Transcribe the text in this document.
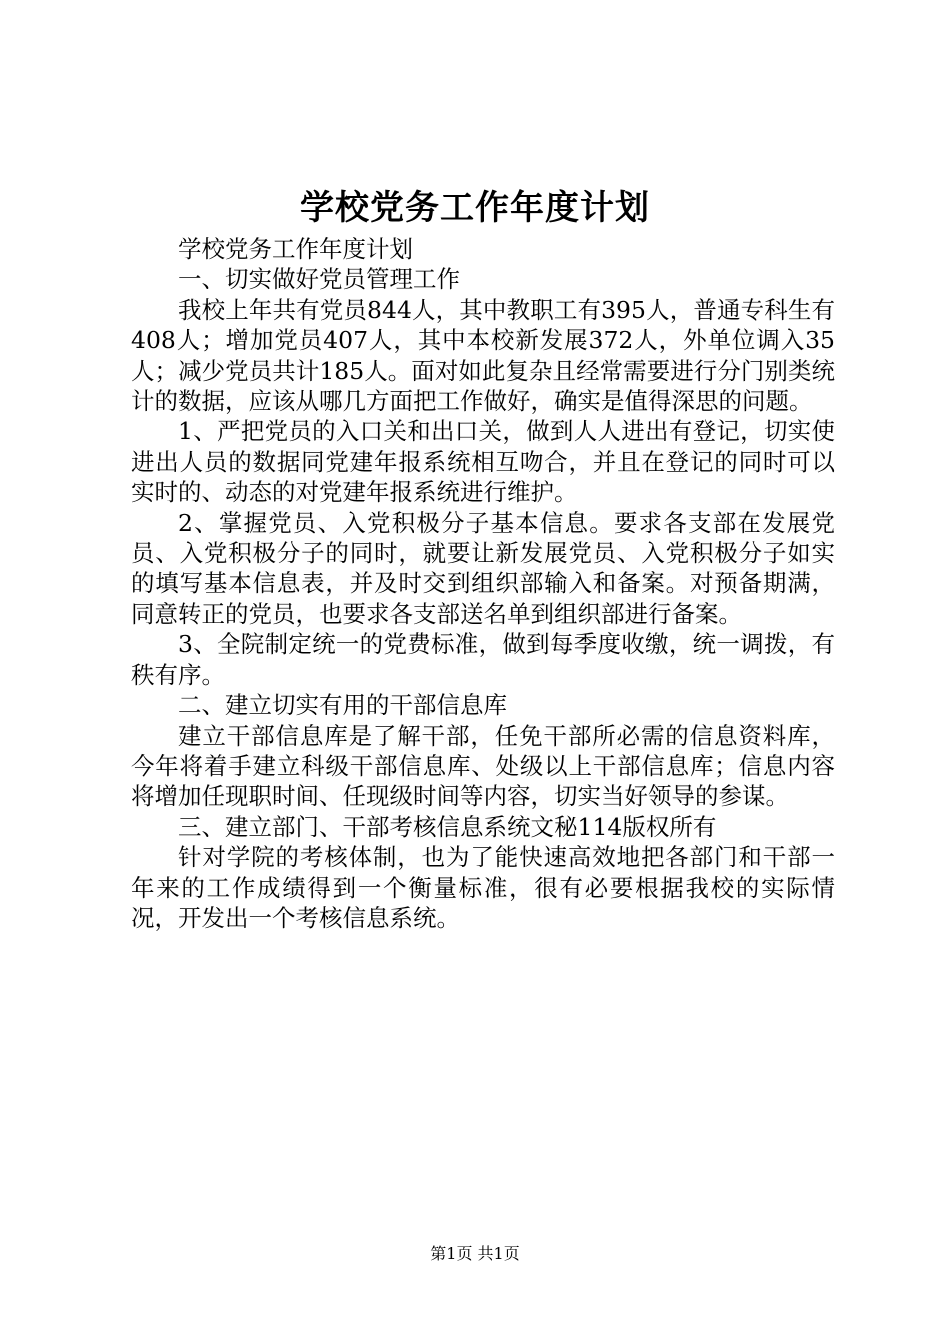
学校党务工作年度计划

学校党务工作年度计划

一、切实做好党员管理工作

我校上年共有党员844人，其中教职工有395人，普通专科生有408人；增加党员407人，其中本校新发展372人，外单位调入35人；减少党员共计185人。面对如此复杂且经常需要进行分门别类统计的数据，应该从哪几方面把工作做好，确实是值得深思的问题。

1、严把党员的入口关和出口关，做到人人进出有登记，切实使进出人员的数据同党建年报系统相互吻合，并且在登记的同时可以实时的、动态的对党建年报系统进行维护。

2、掌握党员、入党积极分子基本信息。要求各支部在发展党员、入党积极分子的同时，就要让新发展党员、入党积极分子如实的填写基本信息表，并及时交到组织部输入和备案。对预备期满，同意转正的党员，也要求各支部送名单到组织部进行备案。

3、全院制定统一的党费标准，做到每季度收缴，统一调拨，有秩有序。

二、建立切实有用的干部信息库

建立干部信息库是了解干部，任免干部所必需的信息资料库，今年将着手建立科级干部信息库、处级以上干部信息库；信息内容将增加任现职时间、任现级时间等内容，切实当好领导的参谋。

三、建立部门、干部考核信息系统文秘114版权所有

针对学院的考核体制，也为了能快速高效地把各部门和干部一年来的工作成绩得到一个衡量标准，很有必要根据我校的实际情况，开发出一个考核信息系统。

第1页 共1页
